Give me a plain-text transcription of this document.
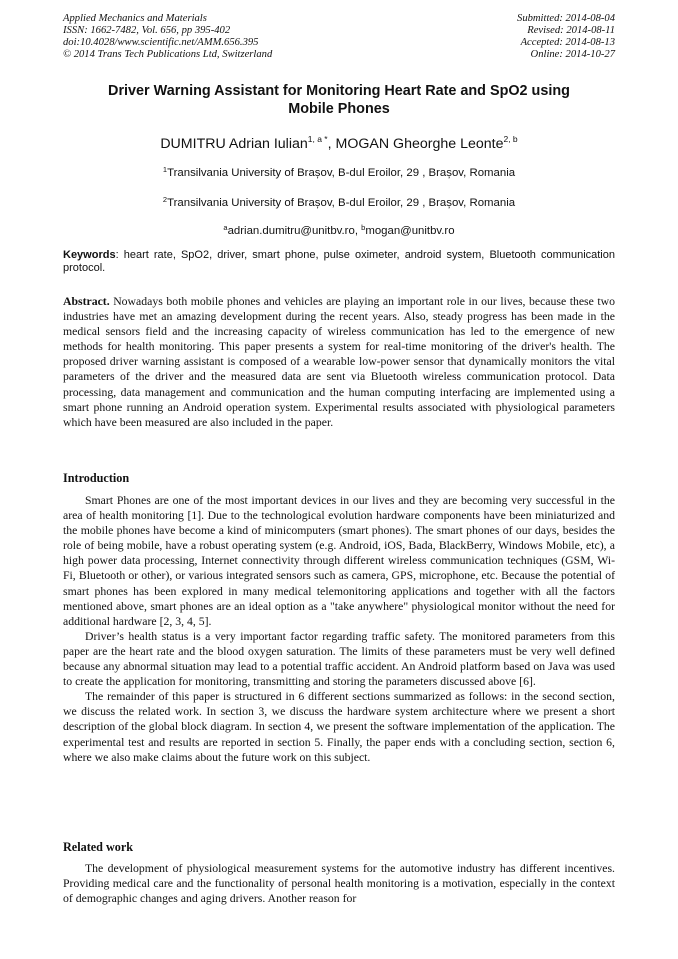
Applied Mechanics and Materials
ISSN: 1662-7482, Vol. 656, pp 395-402
doi:10.4028/www.scientific.net/AMM.656.395
© 2014 Trans Tech Publications Ltd, Switzerland
Submitted: 2014-08-04
Revised: 2014-08-11
Accepted: 2014-08-13
Online: 2014-10-27
Driver Warning Assistant for Monitoring Heart Rate and SpO2 using
Mobile Phones
DUMITRU Adrian Iulian$^{1, a *}$, MOGAN Gheorghe Leonte$^{2, b}$
$^1$Transilvania University of Brașov, B-dul Eroilor, 29 , Brașov, Romania
$^2$Transilvania University of Brașov, B-dul Eroilor, 29 , Brașov, Romania
$^a$adrian.dumitru@unitbv.ro, $^b$mogan@unitbv.ro
Keywords: heart rate, SpO2, driver, smart phone, pulse oximeter, android system, Bluetooth communication protocol.
Abstract. Nowadays both mobile phones and vehicles are playing an important role in our lives, because these two industries have met an amazing development during the recent years. Also, steady progress has been made in the medical sensors field and the increasing capacity of wireless communication has led to the emergence of new methods for health monitoring. This paper presents a system for real-time monitoring of the driver's health. The proposed driver warning assistant is composed of a wearable low-power sensor that dynamically monitors the vital parameters of the driver and the measured data are sent via Bluetooth wireless communication protocol. Data processing, data management and communication and the human computing interfacing are implemented using a smart phone running an Android operation system. Experimental results associated with physiological parameters which have been measured are also included in the paper.
Introduction

Smart Phones are one of the most important devices in our lives and they are becoming very successful in the area of health monitoring [1]. Due to the technological evolution hardware components have been miniaturized and the mobile phones have become a kind of minicomputers (smart phones). The smart phones of our days, besides the role of being mobile, have a robust operating system (e.g. Android, iOS, Bada, BlackBerry, Windows Mobile, etc), a high power data processing, Internet connectivity through different wireless communication techniques (GSM, Wi-Fi, Bluetooth or other), or various integrated sensors such as camera, GPS, microphone, etc. Because the potential of smart phones has been explored in many medical telemonitoring applications and together with all the factors mentioned above, smart phones are an ideal option as a "take anywhere" physiological monitor without the need for additional hardware [2, 3, 4, 5].

Driver’s health status is a very important factor regarding traffic safety. The monitored parameters from this paper are the heart rate and the blood oxygen saturation. The limits of these parameters must be very well defined because any abnormal situation may lead to a potential traffic accident. An Android platform based on Java was used to create the application for monitoring, transmitting and storing the parameters discussed above [6].

The remainder of this paper is structured in 6 different sections summarized as follows: in the second section, we discuss the related work. In section 3, we discuss the hardware system architecture where we present a short description of the global block diagram. In section 4, we present the software implementation of the application. The experimental test and results are reported in section 5. Finally, the paper ends with a concluding section, section 6, where we also make claims about the future work on this subject.

Related work

The development of physiological measurement systems for the automotive industry has different incentives. Providing medical care and the functionality of personal health monitoring is a motivation, especially in the context of demographic changes and aging drivers. Another reason for
